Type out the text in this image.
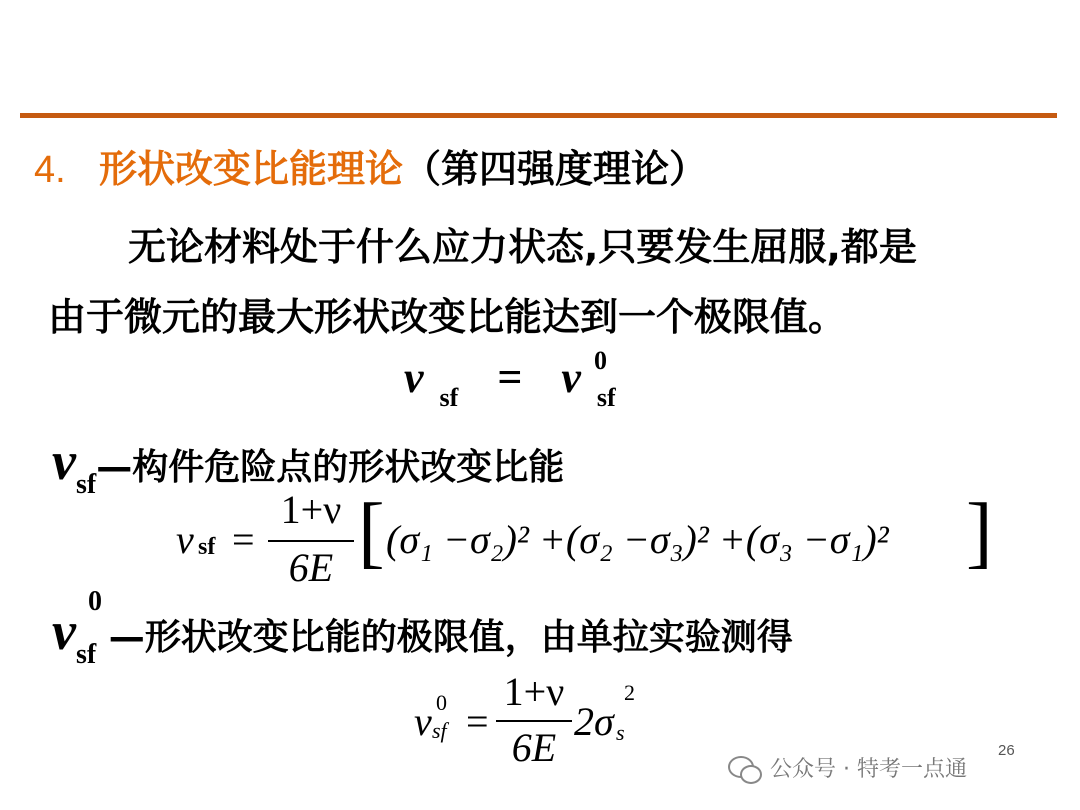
4. 形状改变比能理论（第四强度理论）
无论材料处于什么应力状态,只要发生屈服,都是
由于微元的最大形状改变比能达到一个极限值。
v $_{sf}$ = v $_{sf}$
0
$v_{sf}—$构件危险点的形状改变比能
v sf =
1+ν
6E [ (σ₁ −σ₂)² +(σ₂ −σ₃)² +(σ₃ −σ₁)² ]
$v_{sf}$
0
—形状改变比能的极限值，由单拉实验测得
v sf
0 =
1+ν
6E
2σ s
2
26
公众号 · 特考一点通
